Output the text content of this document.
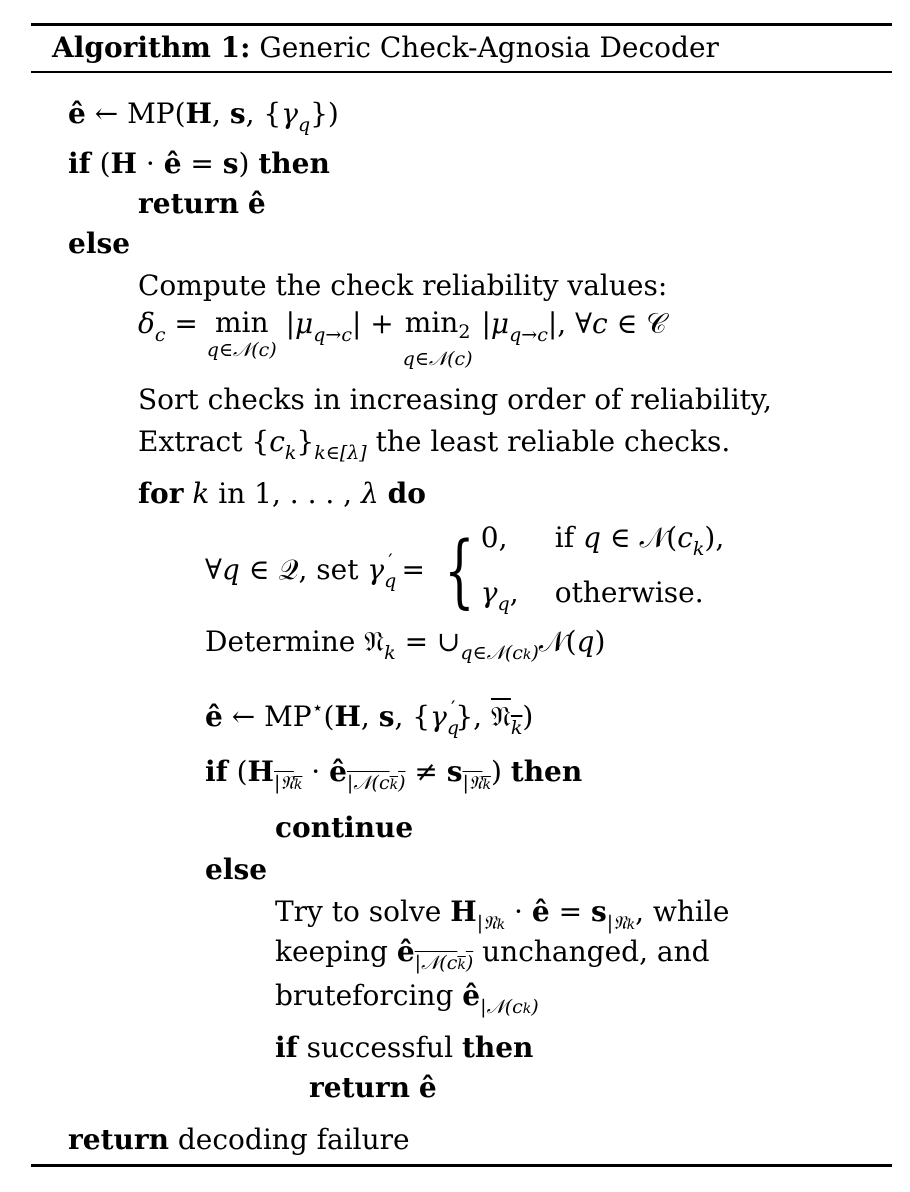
Algorithm 1: Generic Check-Agnosia Decoder
ê ← MP(H, s, $\{\gamma_q\}$)
if (H · ê = s) then
return ê
else
Compute the check reliability values:
$\delta_c = \min$
q∈𝒩(c)
$|\mu_{q\to c}| + \min_2$
q∈𝒩(c)
$|\mu_{q\to c}|$, ∀c ∈ 𝒞
Sort checks in increasing order of reliability,
Extract $\{c_k\}_{k\in[\lambda]}$ the least reliable checks.
for k in 1, . . . , λ do
∀q ∈ 𝒬, set $\gamma_q'$ = { 0,	if q ∈ $𝒩(c_k)$,
$\gamma_q$,	otherwise.
Determine 𝔑$_k$ = $\cup_{q\in 𝒩(ck)}𝒩(q)$
ê ← MP⋆(H, s, $\{\gamma_q'\}$, 𝔑$_k$)
if ($H_{|𝔑k}$ · $ê_{|𝒩(ck)} \ne s_{|𝔑k}$) then
continue
else
Try to solve $H_{|𝔑k}$ · ê = $s_{|𝔑k}$, while
keeping $ê_{|𝒩(ck)}$ unchanged, and
bruteforcing $ê_{|𝒩(ck)}$
if successful then
return ê
return decoding failure
